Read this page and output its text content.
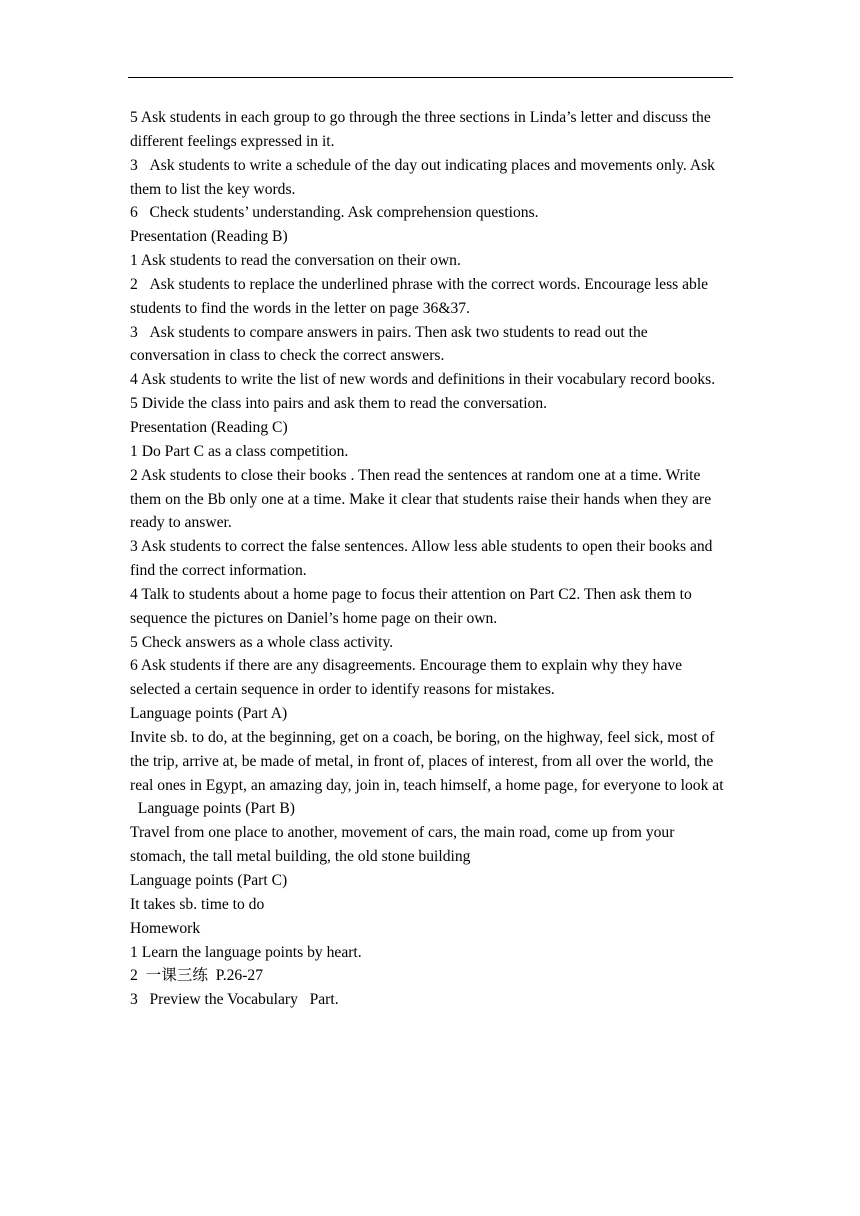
5 Ask students in each group to go through the three sections in Linda’s letter and discuss the different feelings expressed in it.

3   Ask students to write a schedule of the day out indicating places and movements only. Ask them to list the key words.

6   Check students’ understanding. Ask comprehension questions.

Presentation (Reading B)

1 Ask students to read the conversation on their own.

2   Ask students to replace the underlined phrase with the correct words. Encourage less able students to find the words in the letter on page 36&37.

3   Ask students to compare answers in pairs. Then ask two students to read out the conversation in class to check the correct answers.

4 Ask students to write the list of new words and definitions in their vocabulary record books.

5 Divide the class into pairs and ask them to read the conversation.

Presentation (Reading C)

1 Do Part C as a class competition.

2 Ask students to close their books . Then read the sentences at random one at a time. Write them on the Bb only one at a time. Make it clear that students raise their hands when they are ready to answer.

3 Ask students to correct the false sentences. Allow less able students to open their books and find the correct information.

4 Talk to students about a home page to focus their attention on Part C2. Then ask them to sequence the pictures on Daniel’s home page on their own.

5 Check answers as a whole class activity.

6 Ask students if there are any disagreements. Encourage them to explain why they have selected a certain sequence in order to identify reasons for mistakes.

Language points (Part A)

Invite sb. to do, at the beginning, get on a coach, be boring, on the highway, feel sick, most of the trip, arrive at, be made of metal, in front of, places of interest, from all over the world, the real ones in Egypt, an amazing day, join in, teach himself, a home page, for everyone to look at

Language points (Part B)

Travel from one place to another, movement of cars, the main road, come up from your stomach, the tall metal building, the old stone building

Language points (Part C)

It takes sb. time to do

Homework

1 Learn the language points by heart.

2  一课三练  P.26-27

3   Preview the Vocabulary   Part.
